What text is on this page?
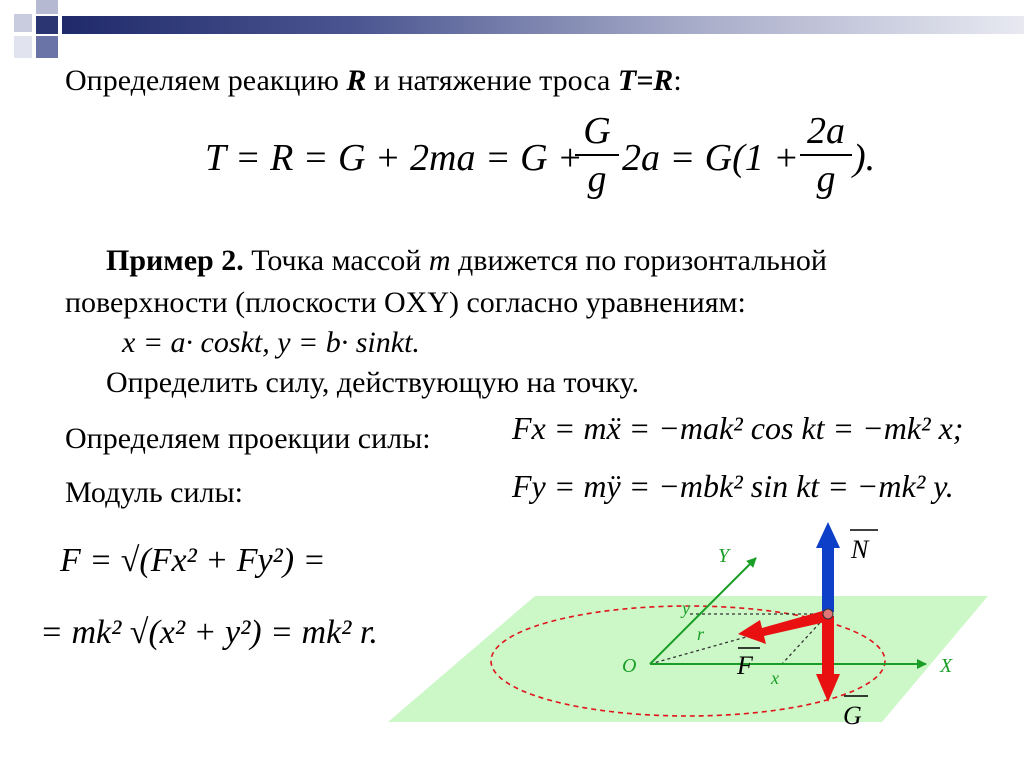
Определяем реакцию R и натяжение троса T=R:
T = R = G + 2ma = G +
G
g 2a = G(1 +
2a
g ).
Пример 2. Точка массой m движется по горизонтальной
поверхности (плоскости OXY) согласно уравнениям:
x = a· coskt, y = b· sinkt.
Определить силу, действующую на точку.
Определяем проекции силы:	Fx = mẍ = −mak² cos kt = −mk² x;
Fy = mÿ = −mbk² sin kt = −mk² y.
Модуль силы:
F = √(Fx² + Fy²) =
= mk² √(x² + y²) = mk² r.
Y
X
O
y
r
x
F
N
G
